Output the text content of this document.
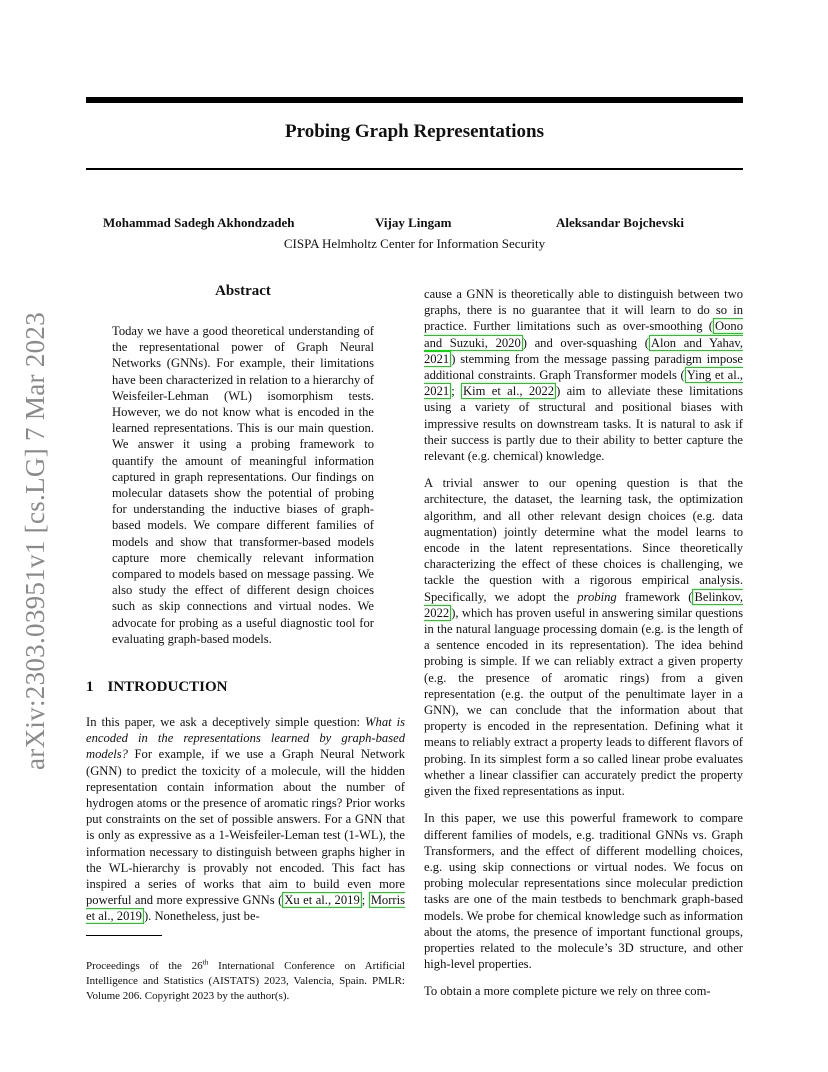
Probing Graph Representations
Mohammad Sadegh Akhondzadeh	Vijay Lingam	Aleksandar Bojchevski
CISPA Helmholtz Center for Information Security
arXiv:2303.03951v1 [cs.LG] 7 Mar 2023
Abstract

Today we have a good theoretical understanding of the representational power of Graph Neural Networks (GNNs). For example, their limitations have been characterized in relation to a hierarchy of Weisfeiler-Lehman (WL) isomorphism tests. However, we do not know what is encoded in the learned representations. This is our main question. We answer it using a probing framework to quantify the amount of meaningful information captured in graph representations. Our findings on molecular datasets show the potential of probing for understanding the inductive biases of graph-based models. We compare different families of models and show that transformer-based models capture more chemically relevant information compared to models based on message passing. We also study the effect of different design choices such as skip connections and virtual nodes. We advocate for probing as a useful diagnostic tool for evaluating graph-based models.

1 INTRODUCTION

In this paper, we ask a deceptively simple question: What is encoded in the representations learned by graph-based models? For example, if we use a Graph Neural Network (GNN) to predict the toxicity of a molecule, will the hidden representation contain information about the number of hydrogen atoms or the presence of aromatic rings? Prior works put constraints on the set of possible answers. For a GNN that is only as expressive as a 1-Weisfeiler-Leman test (1-WL), the information necessary to distinguish between graphs higher in the WL-hierarchy is provably not encoded. This fact has inspired a series of works that aim to build even more powerful and more expressive GNNs ( Xu et al., 2019 ; Morris et al., 2019 ). Nonetheless, just be-

Proceedings of the 26th International Conference on Artificial Intelligence and Statistics (AISTATS) 2023, Valencia, Spain. PMLR: Volume 206. Copyright 2023 by the author(s).

cause a GNN is theoretically able to distinguish between two graphs, there is no guarantee that it will learn to do so in practice. Further limitations such as over-smoothing ( Oono and Suzuki, 2020 ) and over-squashing ( Alon and Yahav, 2021 ) stemming from the message passing paradigm impose additional constraints. Graph Transformer models ( Ying et al., 2021 ; Kim et al., 2022 ) aim to alleviate these limitations using a variety of structural and positional biases with impressive results on downstream tasks. It is natural to ask if their success is partly due to their ability to better capture the relevant (e.g. chemical) knowledge.

A trivial answer to our opening question is that the architecture, the dataset, the learning task, the optimization algorithm, and all other relevant design choices (e.g. data augmentation) jointly determine what the model learns to encode in the latent representations. Since theoretically characterizing the effect of these choices is challenging, we tackle the question with a rigorous empirical analysis. Specifically, we adopt the probing framework ( Belinkov, 2022 ), which has proven useful in answering similar questions in the natural language processing domain (e.g. is the length of a sentence encoded in its representation). The idea behind probing is simple. If we can reliably extract a given property (e.g. the presence of aromatic rings) from a given representation (e.g. the output of the penultimate layer in a GNN), we can conclude that the information about that property is encoded in the representation. Defining what it means to reliably extract a property leads to different flavors of probing. In its simplest form a so called linear probe evaluates whether a linear classifier can accurately predict the property given the fixed representations as input.

In this paper, we use this powerful framework to compare different families of models, e.g. traditional GNNs vs. Graph Transformers, and the effect of different modelling choices, e.g. using skip connections or virtual nodes. We focus on probing molecular representations since molecular prediction tasks are one of the main testbeds to benchmark graph-based models. We probe for chemical knowledge such as information about the atoms, the presence of important functional groups, properties related to the molecule’s 3D structure, and other high-level properties.

To obtain a more complete picture we rely on three com-
